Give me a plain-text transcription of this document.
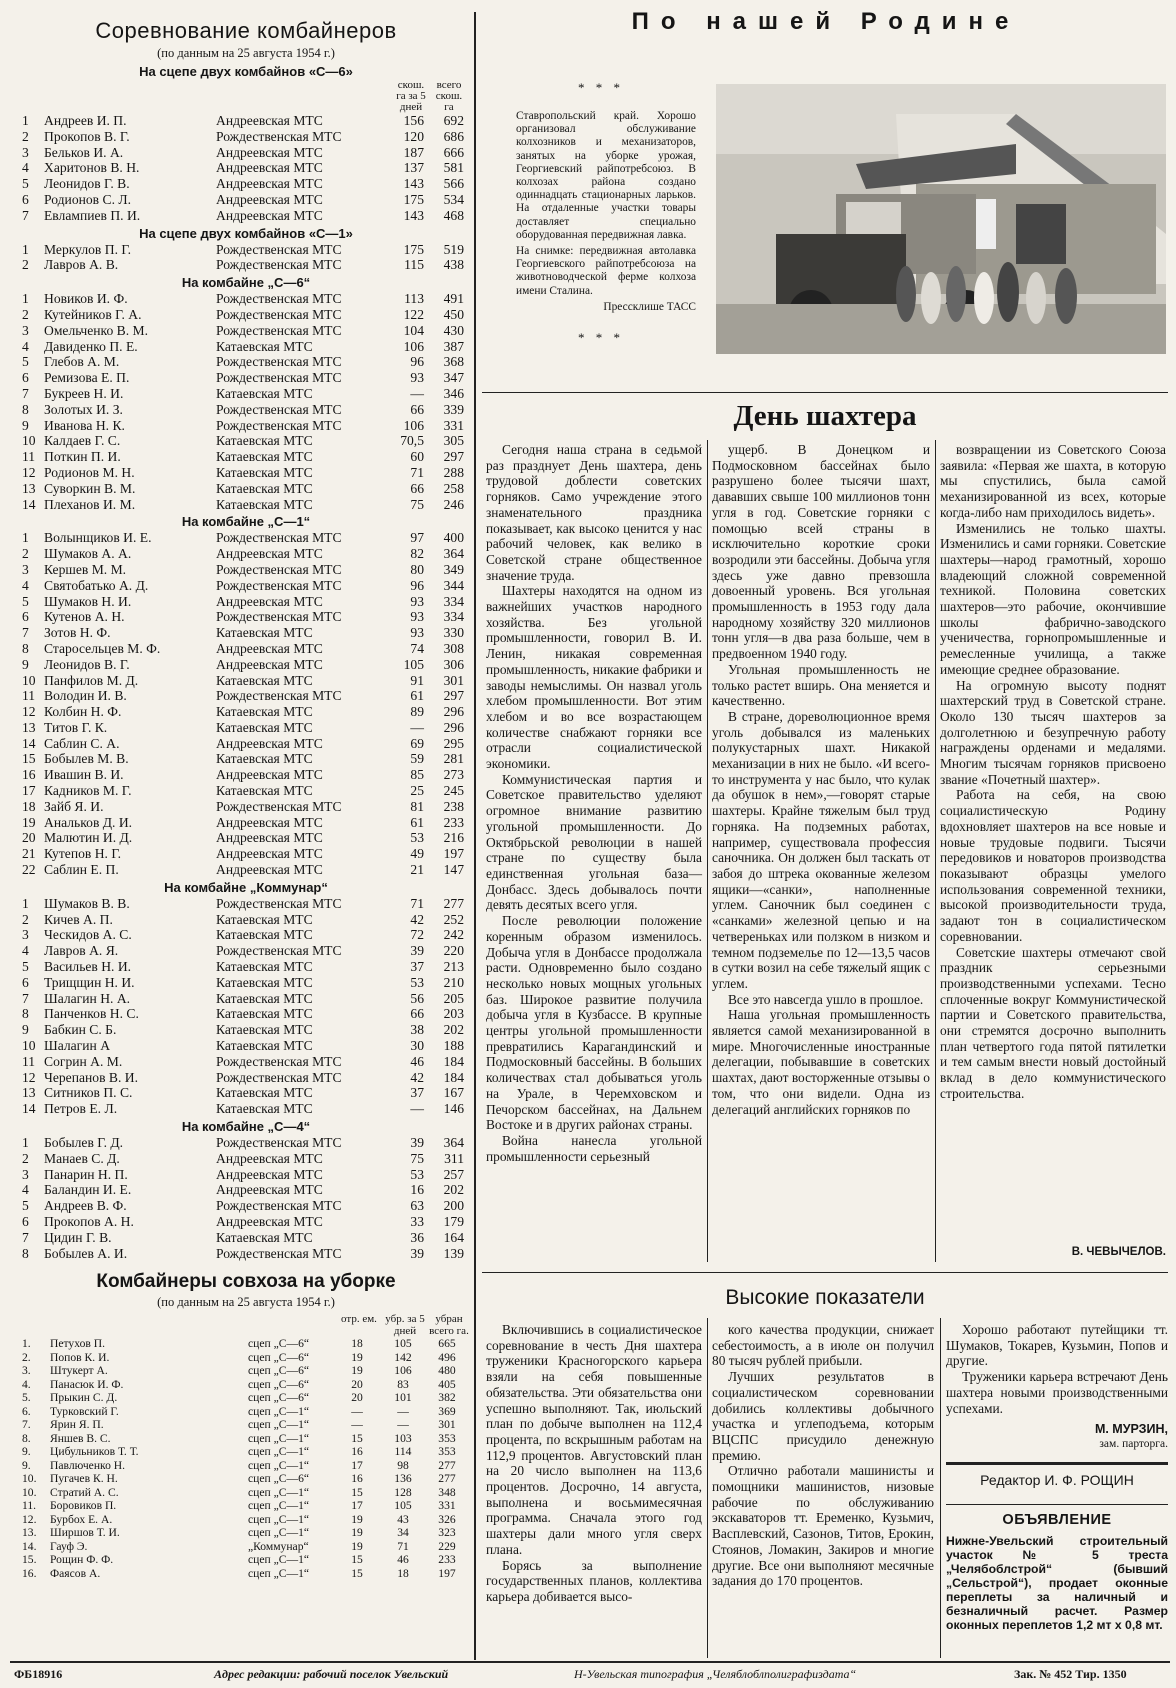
Соревнование комбайнеров
(по данным на 25 августа 1954 г.)
На сцепе двух комбайнов «С—6»
скош. га за 5 дней
всего скош. га
1	Андреев И. П.	Андреевская МТС	156	692
2	Прокопов В. Г.	Рождественская МТС	120	686
3	Бельков И. А.	Андреевская МТС	187	666
4	Харитонов В. Н.	Андреевская МТС	137	581
5	Леонидов Г. В.	Андреевская МТС	143	566
6	Родионов С. Л.	Андреевская МТС	175	534
7	Евлампиев П. И.	Андреевская МТС	143	468
На сцепе двух комбайнов «С—1»
1	Меркулов П. Г.	Рождественская МТС	175	519
2	Лавров А. В.	Рождественская МТС	115	438
На комбайне „С—6“
1	Новиков И. Ф.	Рождественская МТС	113	491
2	Кутейников Г. А.	Рождественская МТС	122	450
3	Омельченко В. М.	Рождественская МТС	104	430
4	Давиденко П. Е.	Катаевская МТС	106	387
5	Глебов А. М.	Рождественская МТС	96	368
6	Ремизова Е. П.	Рождественская МТС	93	347
7	Букреев Н. И.	Катаевская МТС	—	346
8	Золотых И. З.	Рождественская МТС	66	339
9	Иванова Н. К.	Рождественская МТС	106	331
10 Калдаев Г. С.	Катаевская МТС	70,5	305
11 Поткин П. И.	Катаевская МТС	60	297
12 Родионов М. Н.	Катаевская МТС	71	288
13 Суворкин В. М.	Катаевская МТС	66	258
14 Плеханов И. М.	Катаевская МТС	75	246
На комбайне „С—1“
1	Волынщиков И. Е.	Рождественская МТС	97	400
2	Шумаков А. А.	Андреевская МТС	82	364
3	Кершев М. М.	Рождественская МТС	80	349
4	Святобатько А. Д.	Рождественская МТС	96	344
5	Шумаков Н. И.	Андреевская МТС	93	334
6	Кутенов А. Н.	Рождественская МТС	93	334
7	Зотов Н. Ф.	Катаевская МТС	93	330
8	Старосельцев М. Ф.	Андреевская МТС	74	308
9	Леонидов В. Г.	Андреевская МТС	105	306
10 Панфилов М. Д.	Катаевская МТС	91	301
11 Володин И. В.	Рождественская МТС	61	297
12 Колбин Н. Ф.	Катаевская МТС	89	296
13 Титов Г. К.	Катаевская МТС	—	296
14 Саблин С. А.	Андреевская МТС	69	295
15 Бобылев М. В.	Катаевская МТС	59	281
16 Ивашин В. И.	Андреевская МТС	85	273
17 Кадников М. Г.	Катаевская МТС	25	245
18 Зайб Я. И.	Рождественская МТС	81	238
19 Анальков Д. И.	Андреевская МТС	61	233
20 Малютин И. Д.	Андреевская МТС	53	216
21 Кутепов Н. Г.	Андреевская МТС	49	197
22 Саблин Е. П.	Андреевская МТС	21	147
На комбайне „Коммунар“
1	Шумаков В. В.	Рождественская МТС	71	277
2	Кичев А. П.	Катаевская МТС	42	252
3	Ческидов А. С.	Катаевская МТС	72	242
4	Лавров А. Я.	Рождественская МТС	39	220
5	Васильев Н. И.	Катаевская МТС	37	213
6	Трищщин Н. И.	Катаевская МТС	53	210
7	Шалагин Н. А.	Катаевская МТС	56	205
8	Панченков Н. С.	Катаевская МТС	66	203
9	Бабкин С. Б.	Катаевская МТС	38	202
10 Шалагин А	Катаевская МТС	30	188
11 Согрин А. М.	Рождественская МТС	46	184
12 Черепанов В. И.	Рождественская МТС	42	184
13 Ситников П. С.	Катаевская МТС	37	167
14 Петров Е. Л.	Катаевская МТС	—	146
На комбайне „С—4“
1	Бобылев Г. Д.	Рождественская МТС	39	364
2	Манаев С. Д.	Андреевская МТС	75	311
3	Панарин Н. П.	Андреевская МТС	53	257
4	Баландин И. Е.	Андреевская МТС	16	202
5	Андреев В. Ф.	Рождественская МТС	63	200
6	Прокопов А. Н.	Андреевская МТС	33	179
7	Цидин Г. В.	Катаевская МТС	36	164
8	Бобылев А. И.	Рождественская МТС	39	139
Комбайнеры совхоза на уборке
(по данным на 25 августа 1954 г.)
отр. ем. убр. за 5 дней
убран всего га.
1.	Петухов П.	сцеп „С—6“	18	105	665
2.	Попов К. И.	сцеп „С—6“	19	142	496
3.	Штукерт А.	сцеп „С—6“	19	106	480
4.	Панасюк И. Ф.	сцеп „С—6“	20	83	405
5.	Прыкин С. Д.	сцеп „С—6“	20	101	382
6.	Турковский Г.	сцеп „С—1“	—	—	369
7.	Ярин Я. П.	сцеп „С—1“	—	—	301
8.	Яншев В. С.	сцеп „С—1“	15	103	353
9.	Цибульников Т. Т.	сцеп „С—1“	16	114	353
9.	Павлюченко Н.	сцеп „С—1“	17	98	277
10.	Пугачев К. Н.	сцеп „С—6“	16	136	277
10.	Стратий А. С.	сцеп „С—1“	15	128	348
11.	Боровиков П.	сцеп „С—1“	17	105	331
12.	Бурбох Е. А.	сцеп „С—1“	19	43	326
13.	Ширшов Т. И.	сцеп „С—1“	19	34	323
14.	Гауф Э.	„Коммунар“	19	71	229
15.	Рощин Ф. Ф.	сцеп „С—1“	15	46	233
16.	Фаясов А.	сцеп „С—1“	15	18	197
По нашей Родине
* * *

Ставропольский край. Хорошо организовал обслуживание колхозников и механизаторов, занятых на уборке урожая, Георгиевский райпотребсоюз. В колхозах района создано одиннадцать стационарных ларьков. На отдаленные участки товары доставляет специально оборудованная передвижная лавка.

На снимке: передвижная автолавка Георгиевского райпотребсоюза на животноводческой ферме колхоза имени Сталина.

Прессклише ТАСС
* * *
День шахтера

Сегодня наша страна в седьмой раз празднует День шахтера, день трудовой доблести советских горняков. Само учреждение этого знаменательного праздника показывает, как высоко ценится у нас рабочий человек, как велико в Советской стране общественное значение труда.

Шахтеры находятся на одном из важнейших участков народного хозяйства. Без угольной промышленности, говорил В. И. Ленин, никакая современная промышленность, никакие фабрики и заводы немыслимы. Он назвал уголь хлебом промышленности. Вот этим хлебом и во все возрастающем количестве снабжают горняки все отрасли социалистической экономики.

Коммунистическая партия и Советское правительство уделяют огромное внимание развитию угольной промышленности. До Октябрьской революции в нашей стране по существу была единственная угольная база—Донбасс. Здесь добывалось почти девять десятых всего угля.

После революции положение коренным образом изменилось. Добыча угля в Донбассе продолжала расти. Одновременно было создано несколько новых мощных угольных баз. Широкое развитие получила добыча угля в Кузбассе. В крупные центры угольной промышленности превратились Карагандинский и Подмосковный бассейны. В больших количествах стал добываться уголь на Урале, в Черемховском и Печорском бассейнах, на Дальнем Востоке и в других районах страны.

Война нанесла угольной промышленности серьезный

ущерб. В Донецком и Подмосковном бассейнах было разрушено более тысячи шахт, дававших свыше 100 миллионов тонн угля в год. Советские горняки с помощью всей страны в исключительно короткие сроки возродили эти бассейны. Добыча угля здесь уже давно превзошла довоенный уровень. Вся угольная промышленность в 1953 году дала народному хозяйству 320 миллионов тонн угля—в два раза больше, чем в предвоенном 1940 году.

Угольная промышленность не только растет вширь. Она меняется и качественно.

В стране, дореволюционное время уголь добывался из маленьких полукустарных шахт. Никакой механизации в них не было. «И всего-то инструмента у нас было, что кулак да обушок в нем»,—говорят старые шахтеры. Крайне тяжелым был труд горняка. На подземных работах, например, существовала профессия саночника. Он должен был таскать от забоя до штрека окованные железом ящики—«санки», наполненные углем. Саночник был соединен с «санками» железной цепью и на четвереньках или ползком в низком и темном подземелье по 12—13,5 часов в сутки возил на себе тяжелый ящик с углем.

Все это навсегда ушло в прошлое.

Наша угольная промышленность является самой механизированной в мире. Многочисленные иностранные делегации, побывавшие в советских шахтах, дают восторженные отзывы о том, что они видели. Одна из делегаций английских горняков по

возвращении из Советского Союза заявила: «Первая же шахта, в которую мы спустились, была самой механизированной из всех, которые когда-либо нам приходилось видеть».

Изменились не только шахты. Изменились и сами горняки. Советские шахтеры—народ грамотный, хорошо владеющий сложной современной техникой. Половина советских шахтеров—это рабочие, окончившие школы фабрично-заводского ученичества, горнопромышленные и ремесленные училища, а также имеющие среднее образование.

На огромную высоту поднят шахтерский труд в Советской стране. Около 130 тысяч шахтеров за долголетнюю и безупречную работу награждены орденами и медалями. Многим тысячам горняков присвоено звание «Почетный шахтер».

Работа на себя, на свою социалистическую Родину вдохновляет шахтеров на все новые и новые трудовые подвиги. Тысячи передовиков и новаторов производства показывают образцы умелого использования современной техники, высокой производительности труда, задают тон в социалистическом соревновании.

Советские шахтеры отмечают свой праздник серьезными производственными успехами. Тесно сплоченные вокруг Коммунистической партии и Советского правительства, они стремятся досрочно выполнить план четвертого года пятой пятилетки и тем самым внести новый достойный вклад в дело коммунистического строительства.

В. ЧЕВЫЧЕЛОВ.
Высокие показатели

Включившись в социалистическое соревнование в честь Дня шахтера труженики Красногорского карьера взяли на себя повышенные обязательства. Эти обязательства они успешно выполняют. Так, июльский план по добыче выполнен на 112,4 процента, по вскрышным работам на 112,9 процентов. Августовский план на 20 число выполнен на 113,6 процентов. Досрочно, 14 августа, выполнена и восьмимесячная программа. Сначала этого год шахтеры дали много угля сверх плана.

Борясь за выполнение государственных планов, коллектива карьера добивается высо-

кого качества продукции, снижает себестоимость, а в июле он получил 80 тысяч рублей прибыли.

Лучших результатов в социалистическом соревновании добились коллективы добычного участка и углеподъема, которым ВЦСПС присудило денежную премию.

Отлично работали машинисты и помощники машинистов, низовые рабочие по обслуживанию экскаваторов тт. Еременко, Кузьмич, Васплевский, Сазонов, Титов, Ерокин, Стоянов, Ломакин, Закиров и многие другие. Все они выполняют месячные задания до 170 процентов.

Хорошо работают путейщики тт. Шумаков, Токарев, Кузьмин, Попов и другие.

Труженики карьера встречают День шахтера новыми производственными успехами.

М. МУРЗИН,
зам. парторга.
Редактор И. Ф. РОЩИН
ОБЪЯВЛЕНИЕ
Нижне-Увельский строительный участок № 5 треста „Челябоблстрой“ (бывший „Сельстрой“), продает оконные переплеты за наличный и безналичный расчет. Размер оконных переплетов 1,2 мт х 0,8 мт.
ФБ18916	Адрес редакции: рабочий поселок Увельский	Н-Увельская типография „Челяблоблполиграфиздата“	Зак. № 452 Тир. 1350
